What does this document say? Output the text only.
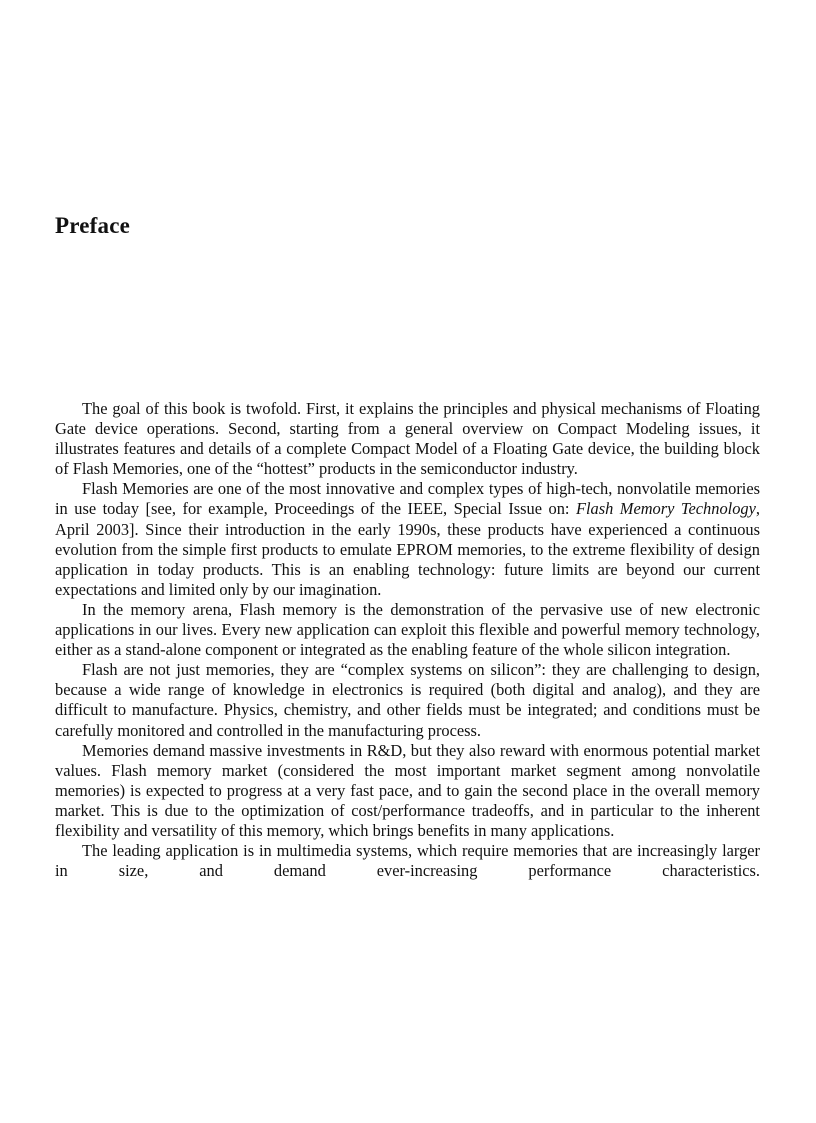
Preface

The goal of this book is twofold. First, it explains the principles and physical mechanisms of Floating Gate device operations. Second, starting from a general overview on Compact Modeling issues, it illustrates features and details of a complete Compact Model of a Floating Gate device, the building block of Flash Memories, one of the “hottest” products in the semiconductor industry.

Flash Memories are one of the most innovative and complex types of high-tech, nonvolatile memories in use today [see, for example, Proceedings of the IEEE, Special Issue on: Flash Memory Technology, April 2003]. Since their introduction in the early 1990s, these products have experienced a continuous evolution from the simple first products to emulate EPROM memories, to the extreme flexibility of design application in today products. This is an enabling technology: future limits are beyond our current expectations and limited only by our imagination.

In the memory arena, Flash memory is the demonstration of the pervasive use of new electronic applications in our lives. Every new application can exploit this flexible and powerful memory technology, either as a stand-alone component or integrated as the enabling feature of the whole silicon integration.

Flash are not just memories, they are “complex systems on silicon”: they are challenging to design, because a wide range of knowledge in electronics is required (both digital and analog), and they are difficult to manufacture. Physics, chemistry, and other fields must be integrated; and conditions must be carefully monitored and controlled in the manufacturing process.

Memories demand massive investments in R&D, but they also reward with enormous potential market values. Flash memory market (considered the most important market segment among nonvolatile memories) is expected to progress at a very fast pace, and to gain the second place in the overall memory market. This is due to the optimization of cost/performance tradeoffs, and in particular to the inherent flexibility and versatility of this memory, which brings benefits in many applications.

The leading application is in multimedia systems, which require memories that are increasingly larger in size, and demand ever-increasing performance characteristics.
